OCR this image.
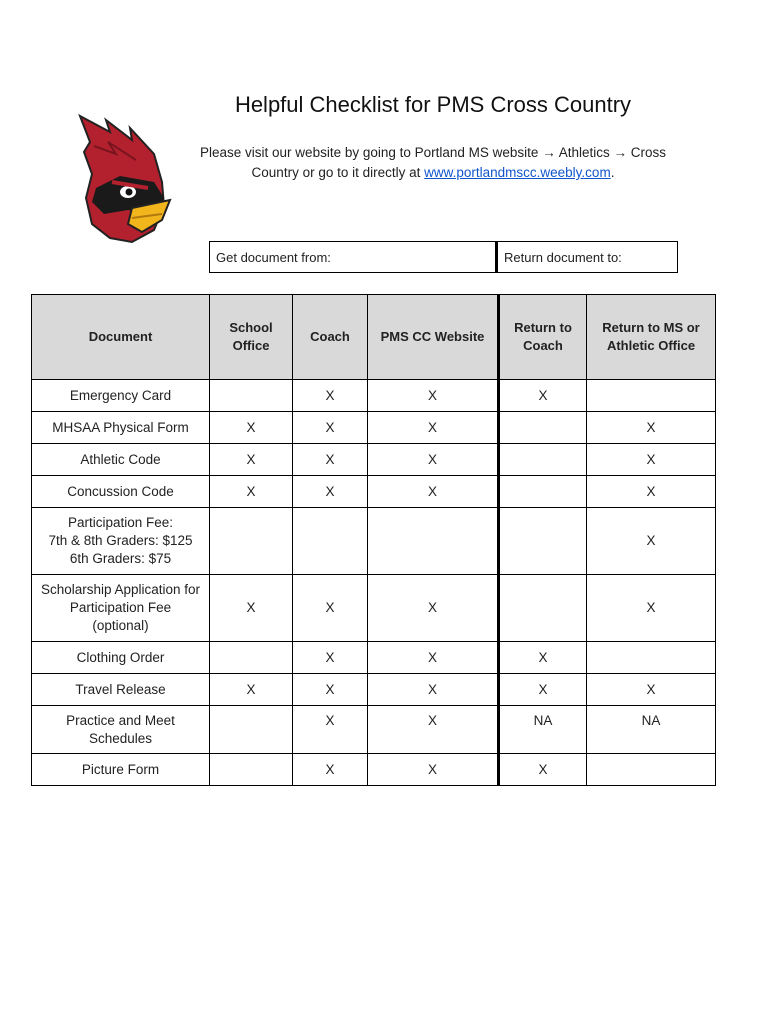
Helpful Checklist for PMS Cross Country
Please visit our website by going to Portland MS website → Athletics → Cross
Country or go to it directly at www.portlandmscc.weebly.com.
Get document from:	Return document to:
Document	School Office	Coach	PMS CC Website	Return to Coach	Return to MS or Athletic Office
Emergency Card		X	X	X	
MHSAA Physical Form	X	X	X		X
Athletic Code	X	X	X		X
Concussion Code	X	X	X		X

Participation Fee:
7th & 8th Graders: $125
6th Graders: $75					X

Scholarship Application for
Participation Fee
(optional)	X	X	X		X
Clothing Order		X	X	X	
Travel Release	X	X	X	X	X

Practice and Meet
Schedules		X	X	NA	NA
Picture Form		X	X	X	
